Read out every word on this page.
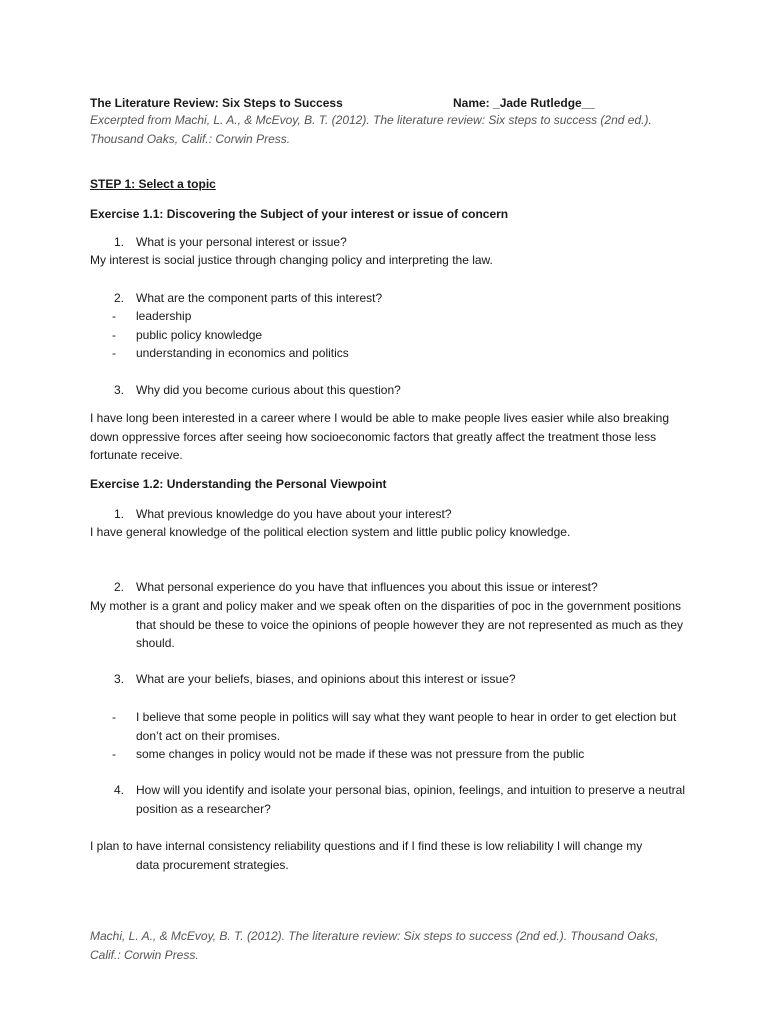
The Literature Review: Six Steps to Success	Name: _Jade Rutledge__
Excerpted from Machi, L. A., & McEvoy, B. T. (2012). The literature review: Six steps to success (2nd ed.). Thousand Oaks, Calif.: Corwin Press.
STEP 1: Select a topic
Exercise 1.1: Discovering the Subject of your interest or issue of concern
1. What is your personal interest or issue?
My interest is social justice through changing policy and interpreting the law.
2. What are the component parts of this interest?
- leadership
- public policy knowledge
- understanding in economics and politics
3. Why did you become curious about this question?
I have long been interested in a career where I would be able to make people lives easier while also breaking down oppressive forces after seeing how socioeconomic factors that greatly affect the treatment those less fortunate receive.
Exercise 1.2: Understanding the Personal Viewpoint
1. What previous knowledge do you have about your interest?
I have general knowledge of the political election system and little public policy knowledge.
2. What personal experience do you have that influences you about this issue or interest?
My mother is a grant and policy maker and we speak often on the disparities of poc in the government positions that should be these to voice the opinions of people however they are not represented as much as they should.
3. What are your beliefs, biases, and opinions about this interest or issue?
- I believe that some people in politics will say what they want people to hear in order to get election but don’t act on their promises.
- some changes in policy would not be made if these was not pressure from the public
4. How will you identify and isolate your personal bias, opinion, feelings, and intuition to preserve a neutral position as a researcher?
I plan to have internal consistency reliability questions and if I find these is low reliability I will change my data procurement strategies.
Machi, L. A., & McEvoy, B. T. (2012). The literature review: Six steps to success (2nd ed.). Thousand Oaks, Calif.: Corwin Press.
